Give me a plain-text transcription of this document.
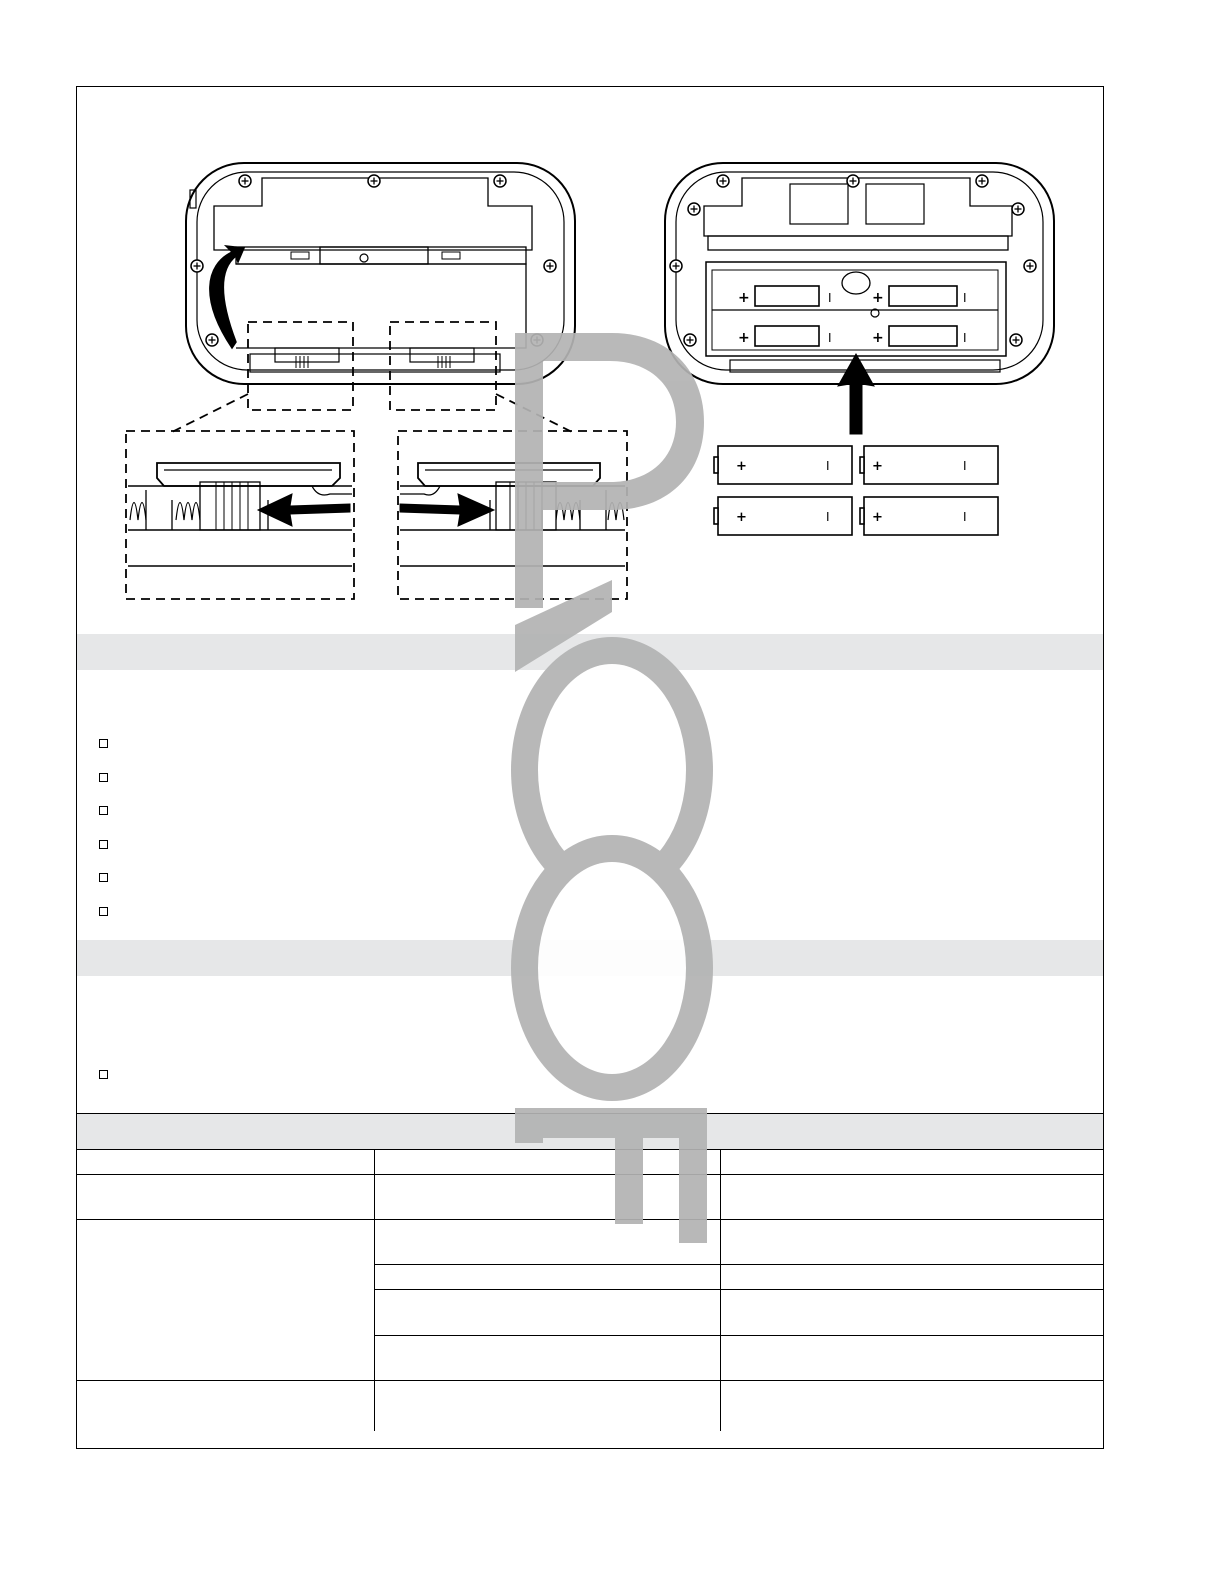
+	+
+	+
I	I
I	I
+	+
+	+
I	I
I	I
